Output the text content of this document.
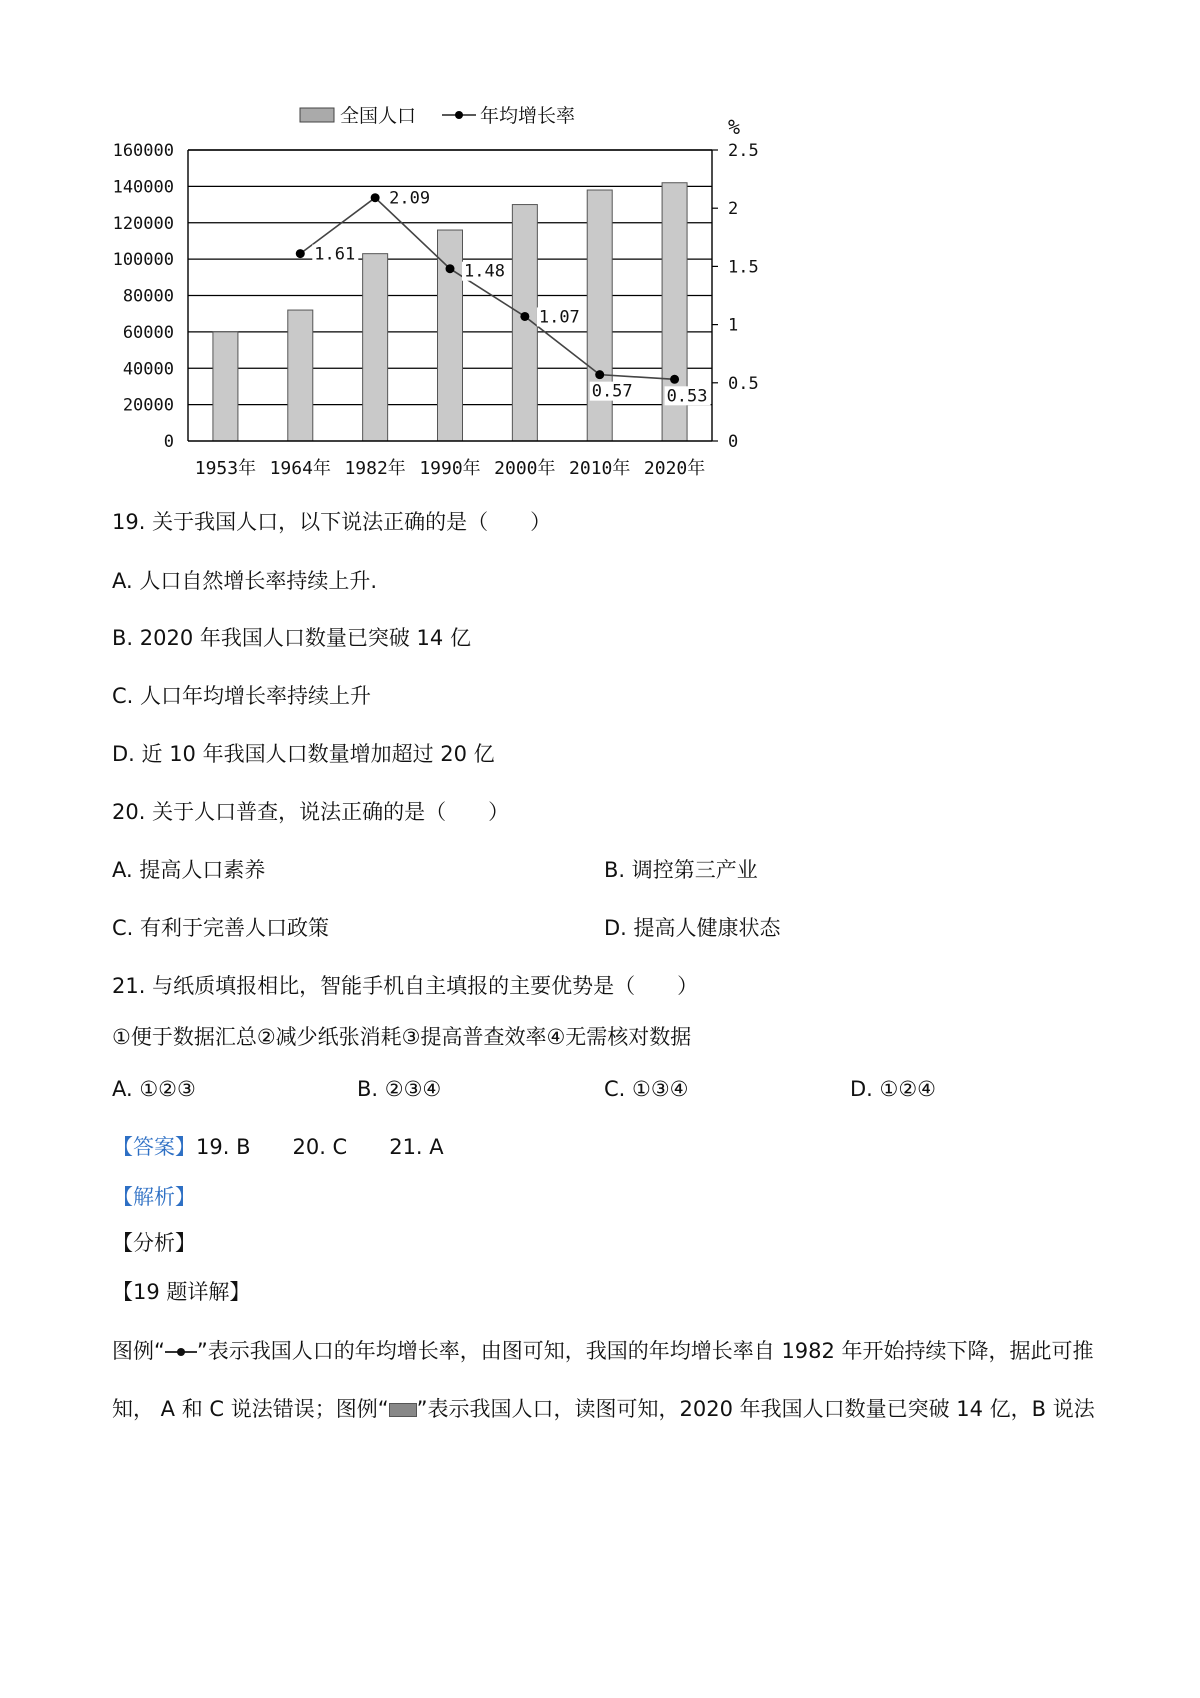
1.61
2.09
1.48
1.07
0.57 0.53
0
20000
40000
60000
80000
100000
120000
140000
160000
0
0.5
1
1.5
2
2.5
%
1953年 1964年 1982年 1990年 2000年 2010年 2020年
全国人口	年均增长率
19. 关于我国人口，以下说法正确的是（　　）
A. 人口自然增长率持续上升.
B. 2020 年我国人口数量已突破 14 亿
C. 人口年均增长率持续上升
D. 近 10 年我国人口数量增加超过 20 亿
20. 关于人口普查，说法正确的是（　　）
A. 提高人口素养	B. 调控第三产业
C. 有利于完善人口政策	D. 提高人健康状态
21. 与纸质填报相比，智能手机自主填报的主要优势是（　　）
①便于数据汇总②减少纸张消耗③提高普查效率④无需核对数据
A. ①②③	B. ②③④	C. ①③④	D. ①②④
【答案】19. B　　20. C　　21. A
【解析】
【分析】
【19 题详解】
图例“ ”表示我国人口的年均增长率，由图可知，我国的年均增长率自 1982 年开始持续下降，据此可推
知， A 和 C 说法错误；图例“ ”表示我国人口，读图可知，2020 年我国人口数量已突破 14 亿，B 说法
